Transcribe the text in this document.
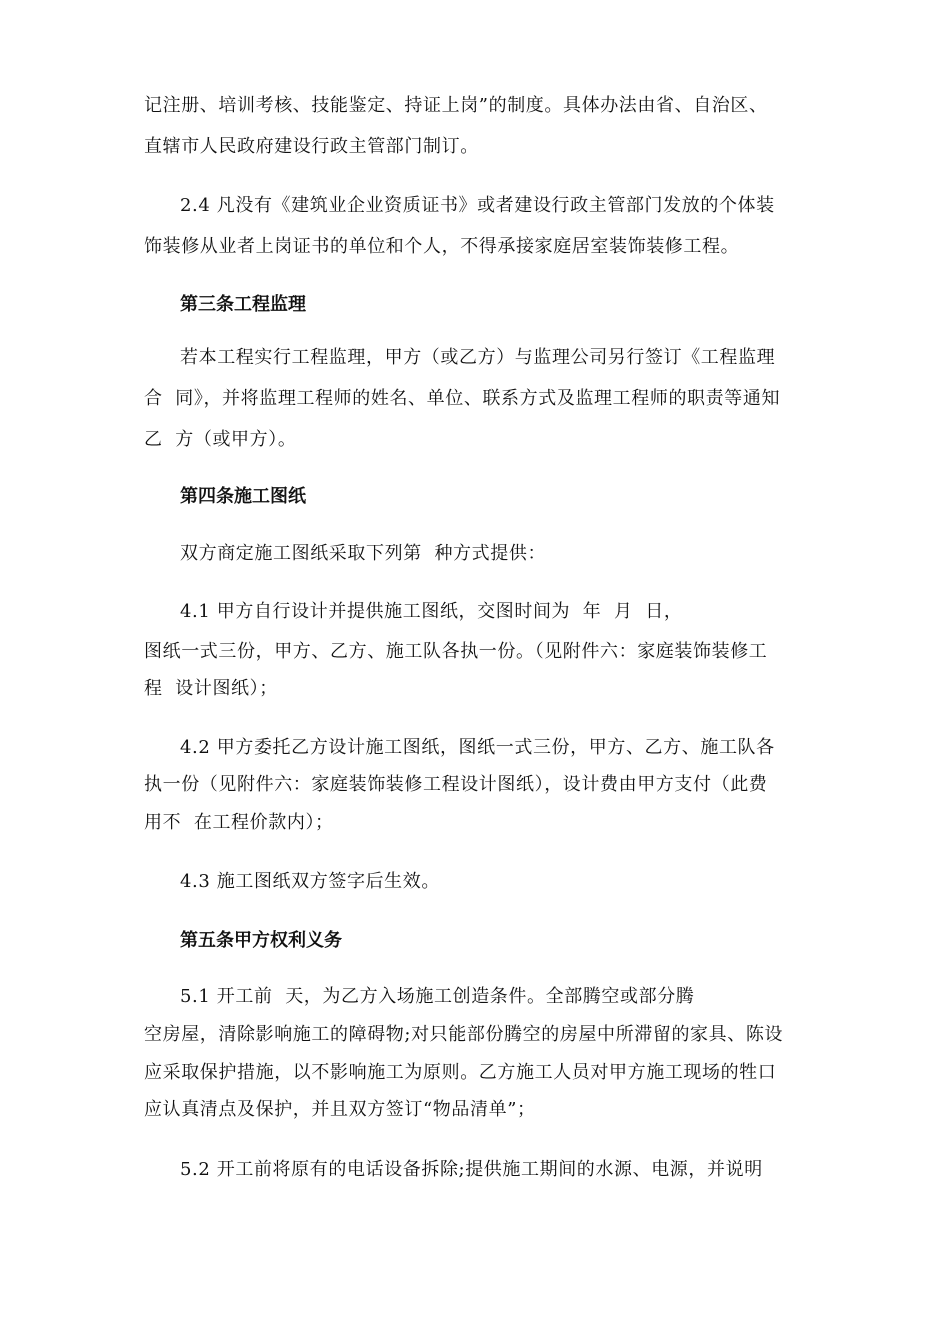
记注册、培训考核、技能鉴定、持证上岗”的制度。具体办法由省、自治区、
直辖市人民政府建设行政主管部门制订。
2.4 凡没有《建筑业企业资质证书》或者建设行政主管部门发放的个体装
饰装修从业者上岗证书的单位和个人，不得承接家庭居室装饰装修工程。
第三条工程监理
若本工程实行工程监理，甲方（或乙方）与监理公司另行签订《工程监理
合  同》，并将监理工程师的姓名、单位、联系方式及监理工程师的职责等通知
乙  方（或甲方）。
第四条施工图纸
双方商定施工图纸采取下列第  种方式提供：
4.1 甲方自行设计并提供施工图纸，交图时间为  年  月  日，
图纸一式三份，甲方、乙方、施工队各执一份。（见附件六：家庭装饰装修工
程  设计图纸）；
4.2 甲方委托乙方设计施工图纸，图纸一式三份，甲方、乙方、施工队各
执一份（见附件六：家庭装饰装修工程设计图纸），设计费由甲方支付（此费
用不  在工程价款内）；
4.3 施工图纸双方签字后生效。
第五条甲方权利义务
5.1 开工前  天，为乙方入场施工创造条件。全部腾空或部分腾
空房屋，清除影响施工的障碍物;对只能部份腾空的房屋中所滞留的家具、陈设
应采取保护措施，以不影响施工为原则。乙方施工人员对甲方施工现场的牲口
应认真清点及保护，并且双方签订“物品清单”；
5.2 开工前将原有的电话设备拆除;提供施工期间的水源、电源，并说明
